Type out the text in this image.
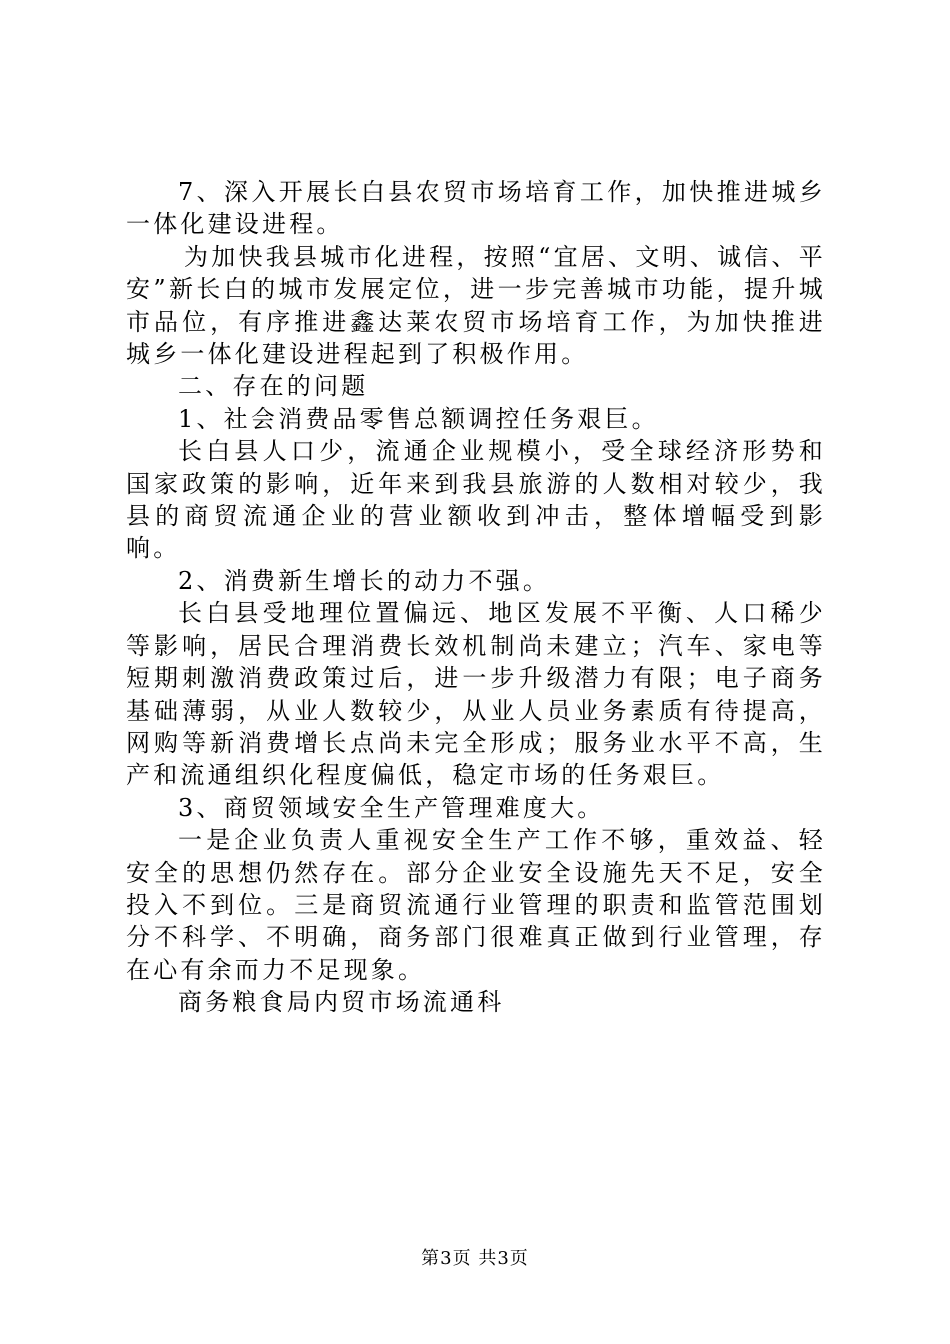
7、深入开展长白县农贸市场培育工作，加快推进城乡一体化建设进程。

为加快我县城市化进程，按照“宜居、文明、诚信、平安”新长白的城市发展定位，进一步完善城市功能，提升城市品位，有序推进鑫达莱农贸市场培育工作，为加快推进城乡一体化建设进程起到了积极作用。

二、存在的问题

1、社会消费品零售总额调控任务艰巨。

长白县人口少，流通企业规模小，受全球经济形势和国家政策的影响，近年来到我县旅游的人数相对较少，我县的商贸流通企业的营业额收到冲击，整体增幅受到影响。

2、消费新生增长的动力不强。

长白县受地理位置偏远、地区发展不平衡、人口稀少等影响，居民合理消费长效机制尚未建立；汽车、家电等短期刺激消费政策过后，进一步升级潜力有限；电子商务基础薄弱，从业人数较少，从业人员业务素质有待提高，网购等新消费增长点尚未完全形成；服务业水平不高，生产和流通组织化程度偏低，稳定市场的任务艰巨。

3、商贸领域安全生产管理难度大。

一是企业负责人重视安全生产工作不够，重效益、轻安全的思想仍然存在。部分企业安全设施先天不足，安全投入不到位。三是商贸流通行业管理的职责和监管范围划分不科学、不明确，商务部门很难真正做到行业管理，存在心有余而力不足现象。

商务粮食局内贸市场流通科

第3页 共3页
